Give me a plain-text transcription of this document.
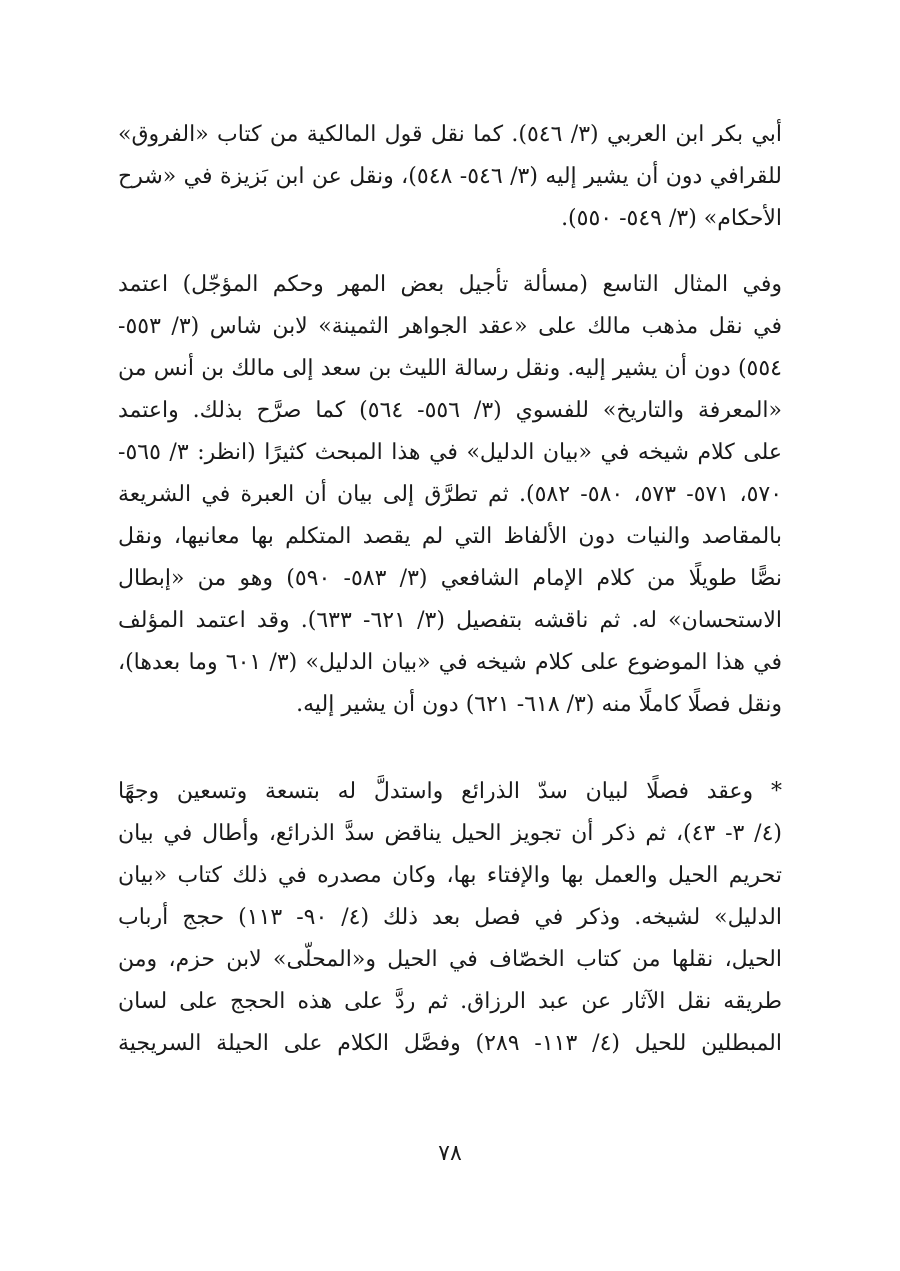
أبي بكر ابن العربي (٣/ ٥٤٦). كما نقل قول المالكية من كتاب «الفروق»
للقرافي دون أن يشير إليه (٣/ ٥٤٦- ٥٤٨)، ونقل عن ابن بَزيزة في «شرح
الأحكام» (٣/ ٥٤٩- ٥٥٠).
وفي المثال التاسع (مسألة تأجيل بعض المهر وحكم المؤجّل) اعتمد
في نقل مذهب مالك على «عقد الجواهر الثمينة» لابن شاس (٣/ ٥٥٣-
٥٥٤) دون أن يشير إليه. ونقل رسالة الليث بن سعد إلى مالك بن أنس من
«المعرفة والتاريخ» للفسوي (٣/ ٥٥٦- ٥٦٤) كما صرَّح بذلك. واعتمد
على كلام شيخه في «بيان الدليل» في هذا المبحث كثيرًا (انظر: ٣/ ٥٦٥-
٥٧٠، ٥٧١- ٥٧٣، ٥٨٠- ٥٨٢). ثم تطرَّق إلى بيان أن العبرة في الشريعة
بالمقاصد والنيات دون الألفاظ التي لم يقصد المتكلم بها معانيها، ونقل
نصًّا طويلًا من كلام الإمام الشافعي (٣/ ٥٨٣- ٥٩٠) وهو من «إبطال
الاستحسان» له. ثم ناقشه بتفصيل (٣/ ٦٢١- ٦٣٣). وقد اعتمد المؤلف
في هذا الموضوع على كلام شيخه في «بيان الدليل» (٣/ ٦٠١ وما بعدها)،
ونقل فصلًا كاملًا منه (٣/ ٦١٨- ٦٢١) دون أن يشير إليه.
* وعقد فصلًا لبيان سدّ الذرائع واستدلَّ له بتسعة وتسعين وجهًا
(٤/ ٣- ٤٣)، ثم ذكر أن تجويز الحيل يناقض سدَّ الذرائع، وأطال في بيان
تحريم الحيل والعمل بها والإفتاء بها، وكان مصدره في ذلك كتاب «بيان
الدليل» لشيخه. وذكر في فصل بعد ذلك (٤/ ٩٠- ١١٣) حجج أرباب
الحيل، نقلها من كتاب الخصّاف في الحيل و«المحلّى» لابن حزم، ومن
طريقه نقل الآثار عن عبد الرزاق. ثم ردَّ على هذه الحجج على لسان
المبطلين للحيل (٤/ ١١٣- ٢٨٩) وفصَّل الكلام على الحيلة السريجية
٧٨
